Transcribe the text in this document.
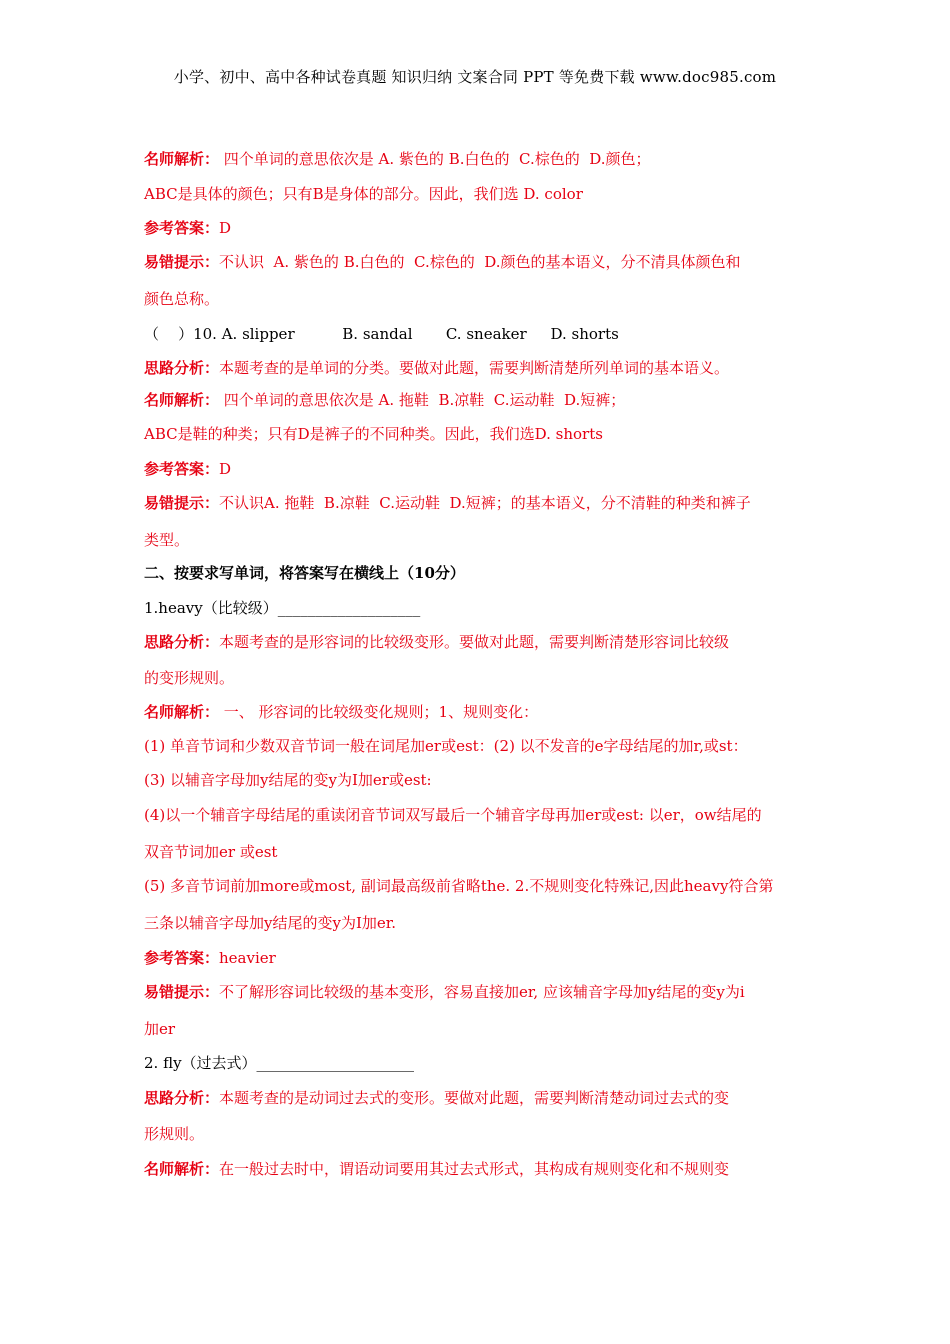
小学、初中、高中各种试卷真题 知识归纳 文案合同 PPT 等免费下载 www.doc985.com
名师解析： 四个单词的意思依次是 A. 紫色的 B.白色的  C.棕色的  D.颜色；
ABC是具体的颜色；只有B是身体的部分。因此，我们选 D. color
参考答案：D
易错提示：不认识  A. 紫色的 B.白色的  C.棕色的  D.颜色的基本语义，分不清具体颜色和
颜色总称。
（    ）10. A. slipper          B. sandal       C. sneaker     D. shorts
思路分析：本题考查的是单词的分类。要做对此题，需要判断清楚所列单词的基本语义。
名师解析： 四个单词的意思依次是 A. 拖鞋  B.凉鞋  C.运动鞋  D.短裤；
ABC是鞋的种类；只有D是裤子的不同种类。因此，我们选D. shorts
参考答案：D
易错提示：不认识A. 拖鞋  B.凉鞋  C.运动鞋  D.短裤；的基本语义，分不清鞋的种类和裤子
类型。
二、按要求写单词，将答案写在横线上（10分）
1.heavy（比较级）___________________
思路分析：本题考查的是形容词的比较级变形。要做对此题，需要判断清楚形容词比较级
的变形规则。
名师解析： 一、 形容词的比较级变化规则；1、规则变化：
(1) 单音节词和少数双音节词一般在词尾加er或est：(2) 以不发音的e字母结尾的加r,或st：
(3) 以辅音字母加y结尾的变y为I加er或est:
(4)以一个辅音字母结尾的重读闭音节词双写最后一个辅音字母再加er或est: 以er，ow结尾的
双音节词加er 或est
(5) 多音节词前加more或most, 副词最高级前省略the. 2.不规则变化特殊记,因此heavy符合第
三条以辅音字母加y结尾的变y为I加er.
参考答案：heavier
易错提示：不了解形容词比较级的基本变形，容易直接加er, 应该辅音字母加y结尾的变y为i
加er
2. fly（过去式）_____________________
思路分析：本题考查的是动词过去式的变形。要做对此题，需要判断清楚动词过去式的变
形规则。
名师解析：在一般过去时中，谓语动词要用其过去式形式，其构成有规则变化和不规则变
